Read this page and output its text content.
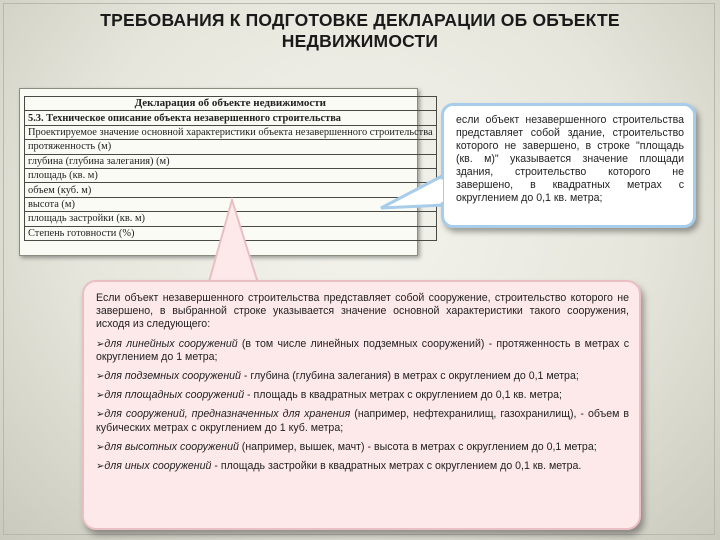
ТРЕБОВАНИЯ К ПОДГОТОВКЕ ДЕКЛАРАЦИИ ОБ ОБЪЕКТЕ НЕДВИЖИМОСТИ
Декларация об объекте недвижимости
5.3. Техническое описание объекта незавершенного строительства
Проектируемое значение основной характеристики объекта незавершенного строительства
протяженность (м)
глубина (глубина залегания) (м)
площадь (кв. м)
объем (куб. м)
высота (м)
площадь застройки (кв. м)
Степень готовности (%)
если объект незавершенного строительства представляет собой здание, строительство которого не завершено, в строке "площадь (кв. м)" указывается значение площади здания, строительство которого не завершено, в квадратных метрах с округлением до 0,1 кв. метра;

Если объект незавершенного строительства представляет собой сооружение, строительство которого не завершено, в выбранной строке указывается значение основной характеристики такого сооружения, исходя из следующего:

➢для линейных сооружений (в том числе линейных подземных сооружений) - протяженность в метрах с округлением до 1 метра;
➢для подземных сооружений - глубина (глубина залегания) в метрах с округлением до 0,1 метра;
➢для площадных сооружений - площадь в квадратных метрах с округлением до 0,1 кв. метра;
➢для сооружений, предназначенных для хранения (например, нефтехранилищ, газохранилищ), - объем в кубических метрах с округлением до 1 куб. метра;
➢для высотных сооружений (например, вышек, мачт) - высота в метрах с округлением до 0,1 метра;
➢для иных сооружений - площадь застройки в квадратных метрах с округлением до 0,1 кв. метра.
